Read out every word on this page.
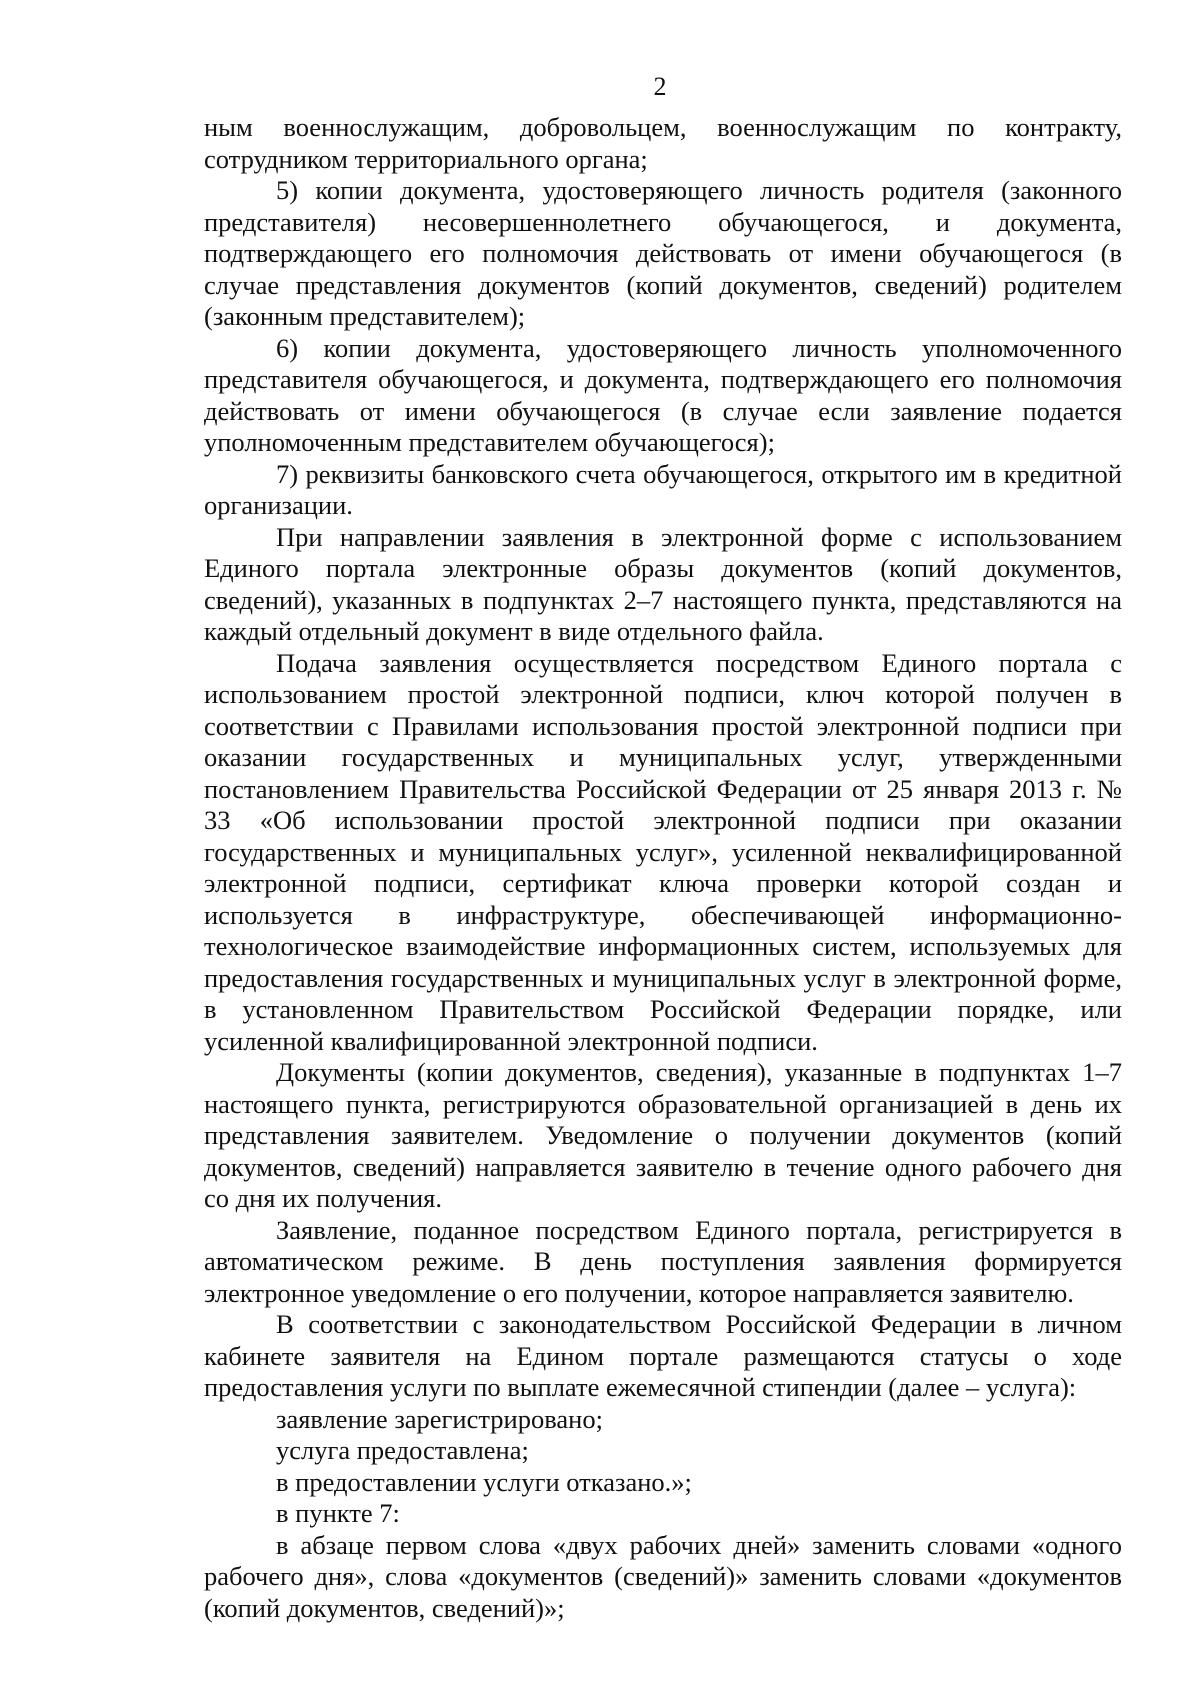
2

ным военнослужащим, добровольцем, военнослужащим по контракту, сотрудником территориального органа;

5) копии документа, удостоверяющего личность родителя (законного представителя) несовершеннолетнего обучающегося, и документа, подтверждающего его полномочия действовать от имени обучающегося (в случае представления документов (копий документов, сведений) родителем (законным представителем);

6) копии документа, удостоверяющего личность уполномоченного представителя обучающегося, и документа, подтверждающего его полномочия действовать от имени обучающегося (в случае если заявление подается уполномоченным представителем обучающегося);

7) реквизиты банковского счета обучающегося, открытого им в кредитной организации.

При направлении заявления в электронной форме с использованием Единого портала электронные образы документов (копий документов, сведений), указанных в подпунктах 2–7 настоящего пункта, представляются на каждый отдельный документ в виде отдельного файла.

Подача заявления осуществляется посредством Единого портала с использованием простой электронной подписи, ключ которой получен в соответствии с Правилами использования простой электронной подписи при оказании государственных и муниципальных услуг, утвержденными постановлением Правительства Российской Федерации от 25 января 2013 г. № 33 «Об использовании простой электронной подписи при оказании государственных и муниципальных услуг», усиленной неквалифицированной электронной подписи, сертификат ключа проверки которой создан и используется в инфраструктуре, обеспечивающей информационно-технологическое взаимодействие информационных систем, используемых для предоставления государственных и муниципальных услуг в электронной форме, в установленном Правительством Российской Федерации порядке, или усиленной квалифицированной электронной подписи.

Документы (копии документов, сведения), указанные в подпунктах 1–7 настоящего пункта, регистрируются образовательной организацией в день их представления заявителем. Уведомление о получении документов (копий документов, сведений) направляется заявителю в течение одного рабочего дня со дня их получения.

Заявление, поданное посредством Единого портала, регистрируется в автоматическом режиме. В день поступления заявления формируется электронное уведомление о его получении, которое направляется заявителю.

В соответствии с законодательством Российской Федерации в личном кабинете заявителя на Едином портале размещаются статусы о ходе предоставления услуги по выплате ежемесячной стипендии (далее – услуга):

заявление зарегистрировано;

услуга предоставлена;

в предоставлении услуги отказано.»;

в пункте 7:

в абзаце первом слова «двух рабочих дней» заменить словами «одного рабочего дня», слова «документов (сведений)» заменить словами «документов (копий документов, сведений)»;
